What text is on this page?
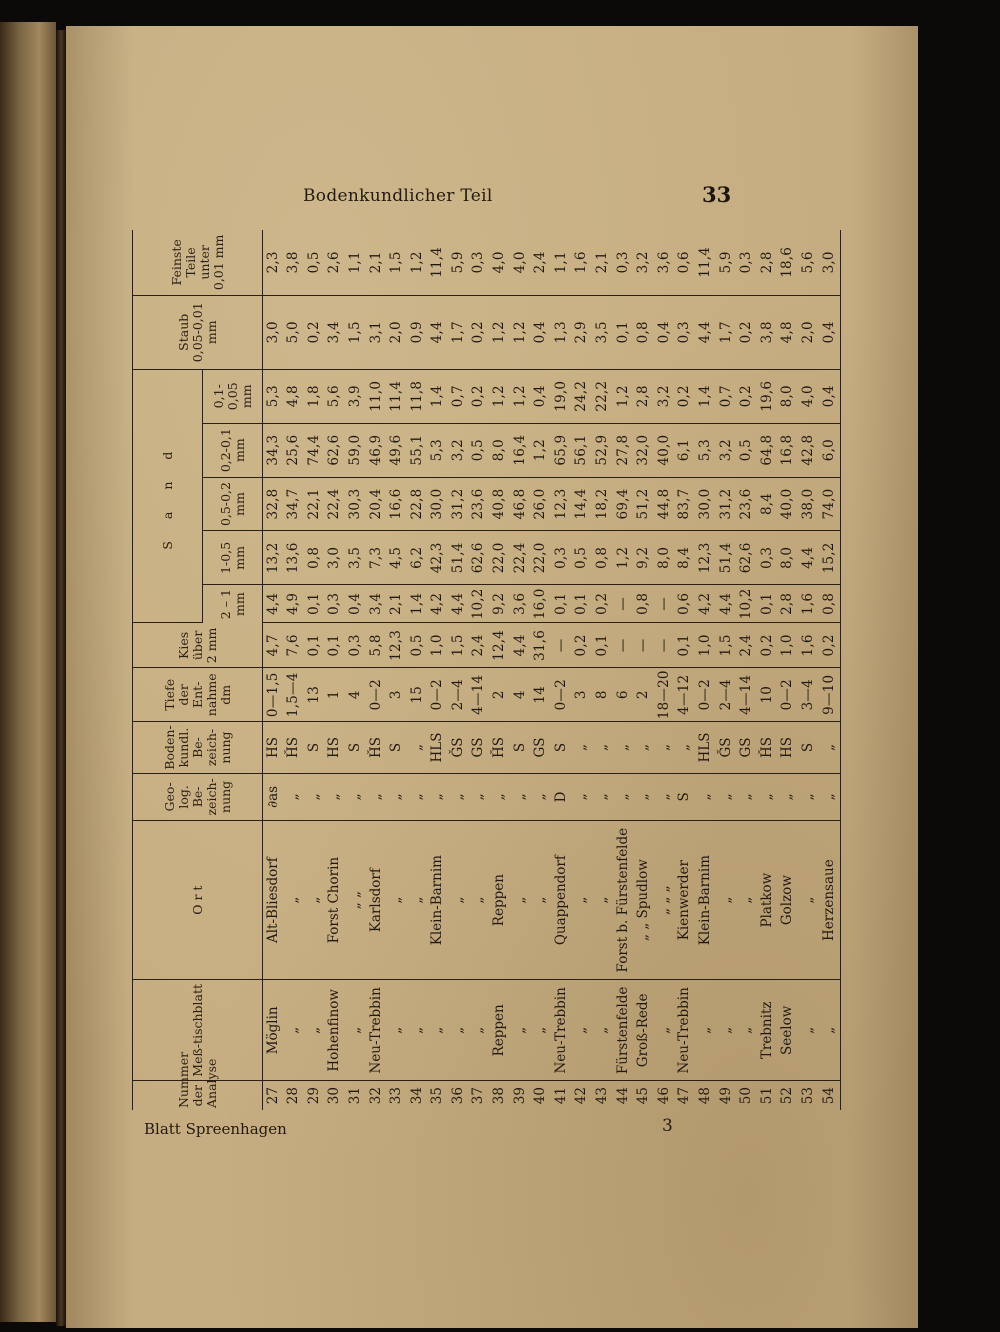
Bodenkundlicher Teil	33
Nummer der Analyse	Meß-tischblatt	O r t	Geo-log. Be-zeich-nung	Boden-kundl. Be-zeich-nung	Tiefe der Ent-nahme
dm	Kies über 2 mm	S a n d					Staub 0,05-0,01 mm	Feinste Teile unter 0,01 mm
							2 – 1 mm	1-0,5 mm	0,5-0,2 mm	0,2-0,1 mm	0,1-0,05 mm		
27	Möglin	Alt-Bliesdorf	∂as	HS	0—1,5	4,7	4,4	13,2	32,8	34,3	5,3	3,0	2,3
28	„	„	„	ȞS	1,5—4	7,6	4,9	13,6	34,7	25,6	4,8	5,0	3,8
29	„	„	„	S	13	0,1	0,1	0,8	22,1	74,4	1,8	0,2	0,5
30	Hohenfinow	Forst Chorin	„	HS	1	0,1	0,3	3,0	22,4	62,6	5,6	3,4	2,6
31	„	„ „	„	S	4	0,3	0,4	3,5	30,3	59,0	3,9	1,5	1,1
32	Neu-Trebbin	Karlsdorf	„	ȞS	0—2	5,8	3,4	7,3	20,4	46,9	11,0	3,1	2,1
33	„	„	„	S	3	12,3	2,1	4,5	16,6	49,6	11,4	2,0	1,5
34	„	„	„	„	15	0,5	1,4	6,2	22,8	55,1	11,8	0,9	1,2
35	„	Klein-Barnim	„	HLS	0—2	1,0	4,2	42,3	30,0	5,3	1,4	4,4	11,4
36	„	„	„	ǦS	2—4	1,5	4,4	51,4	31,2	3,2	0,7	1,7	5,9
37	„	„	„	GS	4—14	2,4	10,2	62,6	23,6	0,5	0,2	0,2	0,3
38	Reppen	Reppen	„	ȞS	2	12,4	9,2	22,0	40,8	8,0	1,2	1,2	4,0
39	„	„	„	S	4	4,4	3,6	22,4	46,8	16,4	1,2	1,2	4,0
40	„	„	„	GS	14	31,6	16,0	22,0	26,0	1,2	0,4	0,4	2,4
41	Neu-Trebbin	Quappendorf	D	S	0—2	—	0,1	0,3	12,3	65,9	19,0	1,3	1,1
42	„	„	„	„	3	0,2	0,1	0,5	14,4	56,1	24,2	2,9	1,6
43	„	„	„	„	8	0,1	0,2	0,8	18,2	52,9	22,2	3,5	2,1
44	Fürstenfelde	Forst b. Fürstenfelde	„	„	6	—	—	1,2	69,4	27,8	1,2	0,1	0,3
45	Groß-Rede	„ „ Spudlow	„	„	2	—	0,8	9,2	51,2	32,0	2,8	0,8	3,2
46	„	„ „ „	„	„	18—20	—	—	8,0	44,8	40,0	3,2	0,4	3,6
47	Neu-Trebbin	Kienwerder	S	„	4—12	0,1	0,6	8,4	83,7	6,1	0,2	0,3	0,6
48	„	Klein-Barnim	„	HLS	0—2	1,0	4,2	12,3	30,0	5,3	1,4	4,4	11,4
49	„	„	„	ǦS	2—4	1,5	4,4	51,4	31,2	3,2	0,7	1,7	5,9
50	„	„	„	GS	4—14	2,4	10,2	62,6	23,6	0,5	0,2	0,2	0,3
51	Trebnitz	Platkow	„	ȞS	10	0,2	0,1	0,3	8,4	64,8	19,6	3,8	2,8
52	Seelow	Golzow	„	HS	0—2	1,0	2,8	8,0	40,0	16,8	8,0	4,8	18,6
53	„	„	„	S	3—4	1,6	1,6	4,4	38,0	42,8	4,0	2,0	5,6
54	„	Herzensaue	„	„	9—10	0,2	0,8	15,2	74,0	6,0	0,4	0,4	3,0
Blatt Spreenhagen	3
